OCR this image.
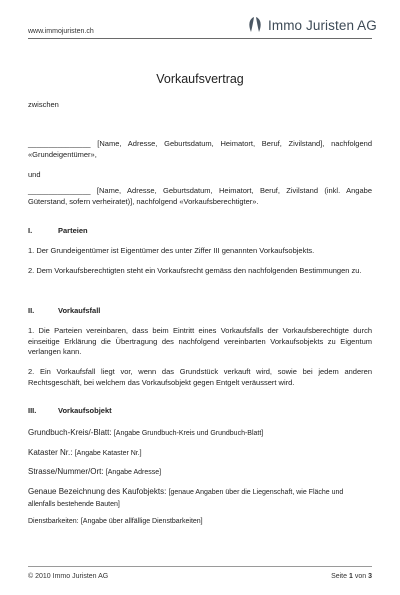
www.immojuristen.ch	Immo Juristen AG
Vorkaufsvertrag
zwischen
_______________ [Name, Adresse, Geburtsdatum, Heimatort, Beruf, Zivilstand], nachfolgend «Grundeigentümer»,
und
_______________ [Name, Adresse, Geburtsdatum, Heimatort, Beruf, Zivilstand (inkl. Angabe Güterstand, sofern verheiratet)], nachfolgend «Vorkaufsberechtigter».
I.	Parteien
1. Der Grundeigentümer ist Eigentümer des unter Ziffer III genannten Vorkaufsobjekts.
2. Dem Vorkaufsberechtigten steht ein Vorkaufsrecht gemäss den nachfolgenden Bestimmungen zu.
II.	Vorkaufsfall
1. Die Parteien vereinbaren, dass beim Eintritt eines Vorkaufsfalls der Vorkaufsberechtigte durch einseitige Erklärung die Übertragung des nachfolgend vereinbarten Vorkaufsobjekts zu Eigentum verlangen kann.
2. Ein Vorkaufsfall liegt vor, wenn das Grundstück verkauft wird, sowie bei jedem anderen Rechtsgeschäft, bei welchem das Vorkaufsobjekt gegen Entgelt veräussert wird.
III.	Vorkaufsobjekt
Grundbuch-Kreis/-Blatt: [Angabe Grundbuch-Kreis und Grundbuch-Blatt]
Kataster Nr.: [Angabe Kataster Nr.]
Strasse/Nummer/Ort: [Angabe Adresse]
Genaue Bezeichnung des Kaufobjekts: [genaue Angaben über die Liegenschaft, wie Fläche und allenfalls bestehende Bauten]
Dienstbarkeiten: [Angabe über allfällige Dienstbarkeiten]
© 2010 Immo Juristen AG	Seite 1 von 3
